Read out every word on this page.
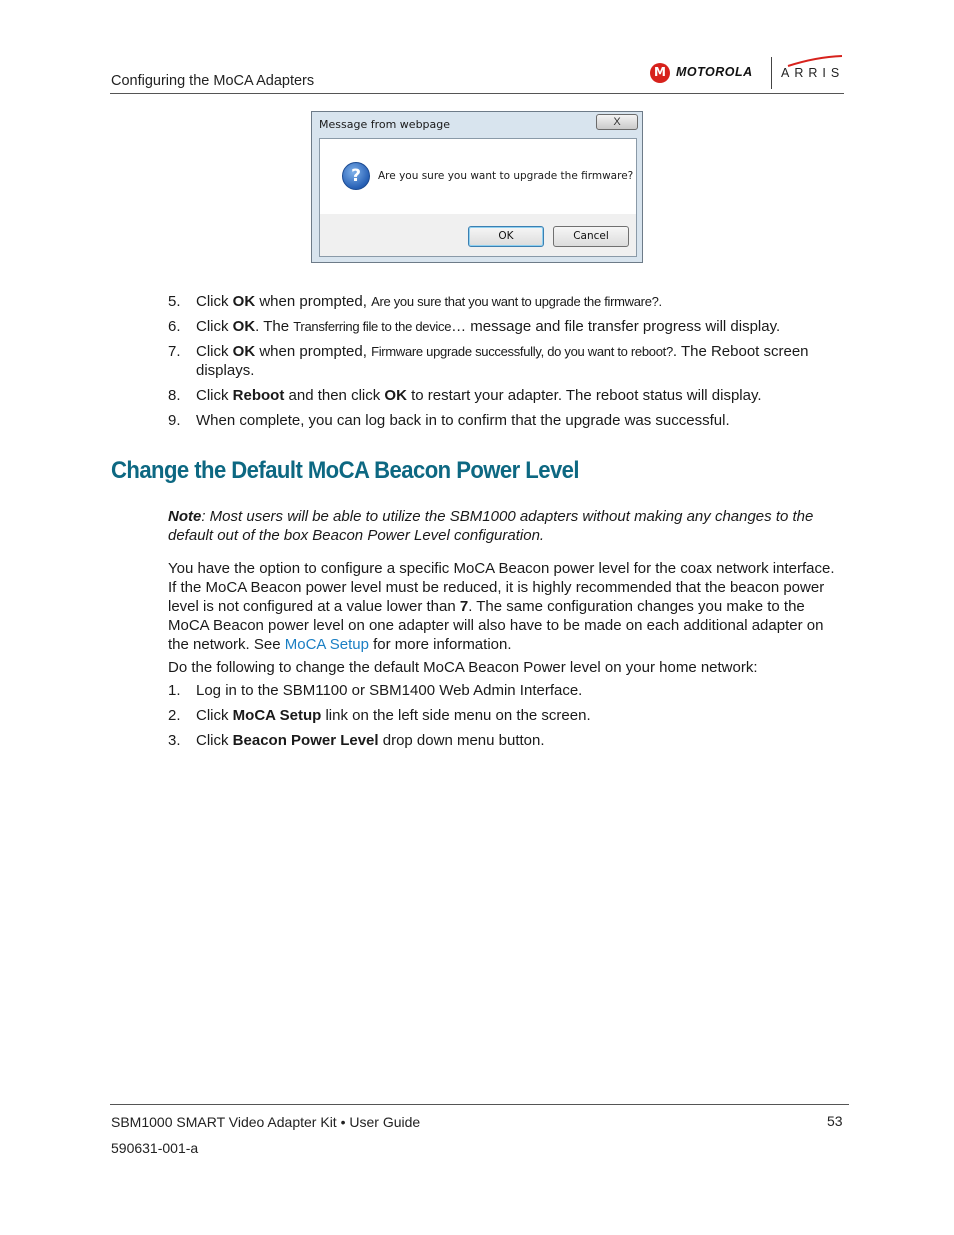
Configuring the MoCA Adapters
M MOTOROLA ARRIS
Message from webpage	X
?	Are you sure you want to upgrade the firmware?
OK	Cancel
5. Click OK when prompted, Are you sure that you want to upgrade the firmware?.
6. Click OK. The Transferring file to the device… message and file transfer progress will display.
7. Click OK when prompted, Firmware upgrade successfully, do you want to reboot?. The Reboot screen displays.
8. Click Reboot and then click OK to restart your adapter. The reboot status will display.
9. When complete, you can log back in to confirm that the upgrade was successful.
Change the Default MoCA Beacon Power Level
Note: Most users will be able to utilize the SBM1000 adapters without making any changes to the default out of the box Beacon Power Level configuration.
You have the option to configure a specific MoCA Beacon power level for the coax network interface. If the MoCA Beacon power level must be reduced, it is highly recommended that the beacon power level is not configured at a value lower than 7. The same configuration changes you make to the MoCA Beacon power level on one adapter will also have to be made on each additional adapter on the network. See MoCA Setup for more information.
Do the following to change the default MoCA Beacon Power level on your home network:
1. Log in to the SBM1100 or SBM1400 Web Admin Interface.
2. Click MoCA Setup link on the left side menu on the screen.
3. Click Beacon Power Level drop down menu button.
SBM1000 SMART Video Adapter Kit • User Guide	53
590631-001-a
